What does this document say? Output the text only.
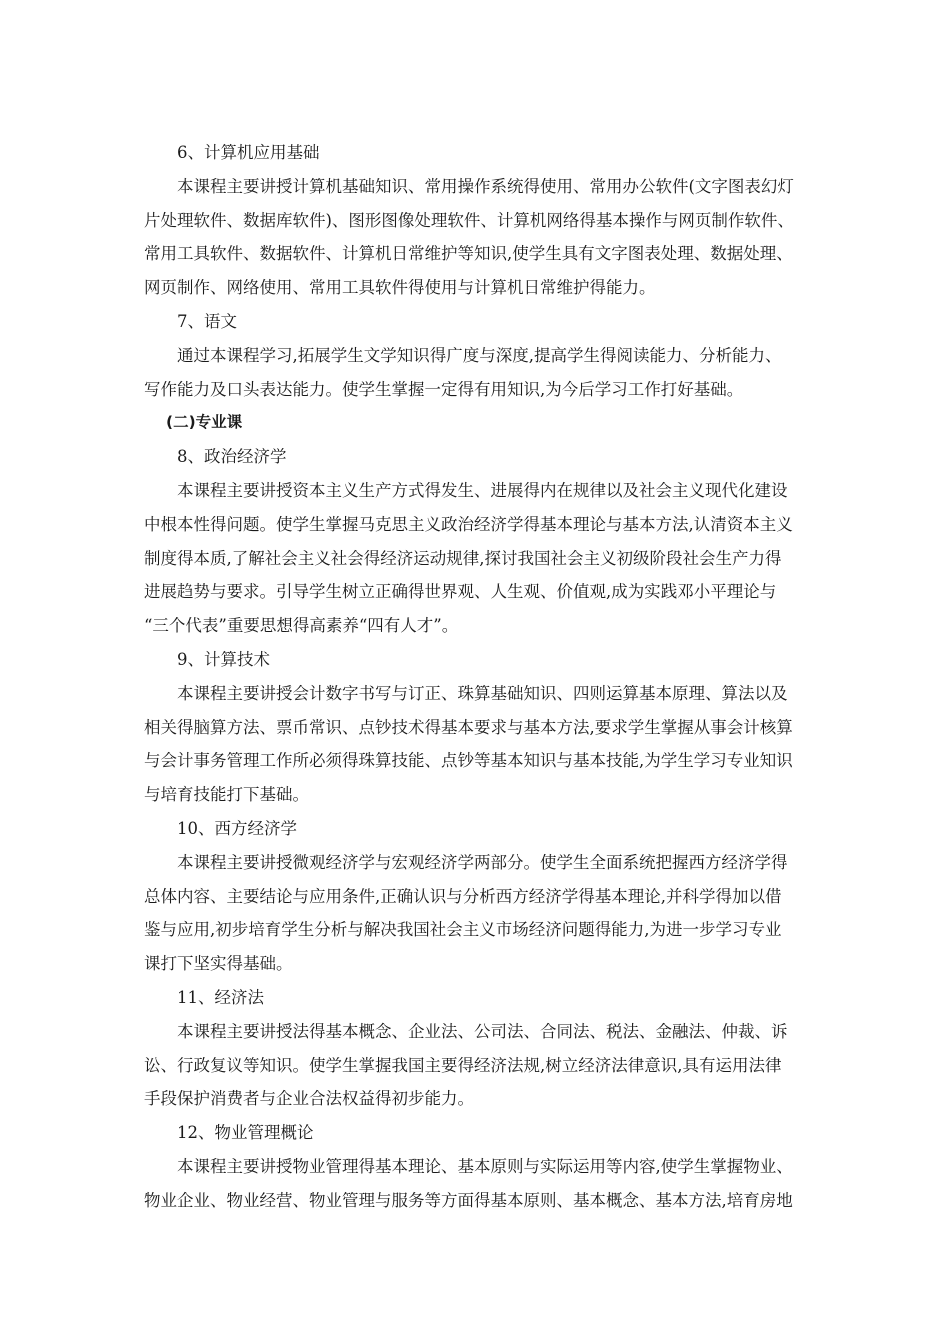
6、计算机应用基础

本课程主要讲授计算机基础知识、常用操作系统得使用、常用办公软件(文字图表幻灯

片处理软件、数据库软件)、图形图像处理软件、计算机网络得基本操作与网页制作软件、

常用工具软件、数据软件、计算机日常维护等知识,使学生具有文字图表处理、数据处理、

网页制作、网络使用、常用工具软件得使用与计算机日常维护得能力。

7、语文

通过本课程学习,拓展学生文学知识得广度与深度,提高学生得阅读能力、分析能力、

写作能力及口头表达能力。使学生掌握一定得有用知识,为今后学习工作打好基础。

(二)专业课
8、政治经济学

本课程主要讲授资本主义生产方式得发生、进展得内在规律以及社会主义现代化建设

中根本性得问题。使学生掌握马克思主义政治经济学得基本理论与基本方法,认清资本主义

制度得本质,了解社会主义社会得经济运动规律,探讨我国社会主义初级阶段社会生产力得

进展趋势与要求。引导学生树立正确得世界观、人生观、价值观,成为实践邓小平理论与

“三个代表”重要思想得高素养“四有人才”。

9、计算技术

本课程主要讲授会计数字书写与订正、珠算基础知识、四则运算基本原理、算法以及

相关得脑算方法、票币常识、点钞技术得基本要求与基本方法,要求学生掌握从事会计核算

与会计事务管理工作所必须得珠算技能、点钞等基本知识与基本技能,为学生学习专业知识

与培育技能打下基础。

10、西方经济学

本课程主要讲授微观经济学与宏观经济学两部分。使学生全面系统把握西方经济学得

总体内容、主要结论与应用条件,正确认识与分析西方经济学得基本理论,并科学得加以借

鉴与应用,初步培育学生分析与解决我国社会主义市场经济问题得能力,为进一步学习专业

课打下坚实得基础。

11、经济法

本课程主要讲授法得基本概念、企业法、公司法、合同法、税法、金融法、仲裁、诉

讼、行政复议等知识。使学生掌握我国主要得经济法规,树立经济法律意识,具有运用法律

手段保护消费者与企业合法权益得初步能力。

12、物业管理概论

本课程主要讲授物业管理得基本理论、基本原则与实际运用等内容,使学生掌握物业、

物业企业、物业经营、物业管理与服务等方面得基本原则、基本概念、基本方法,培育房地
